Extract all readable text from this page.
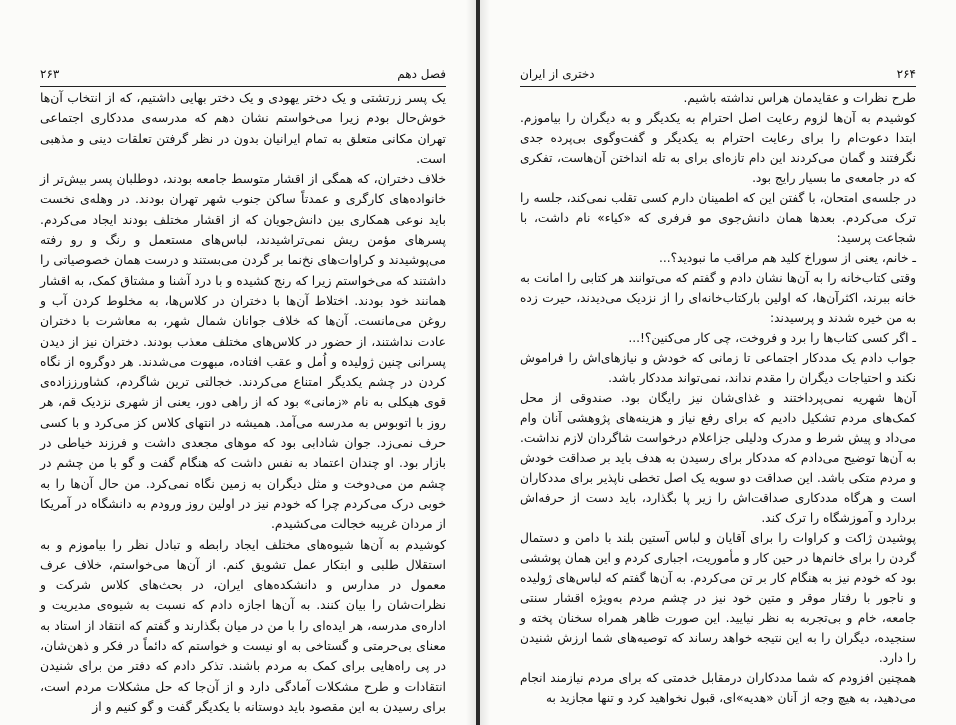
۲۶۳	فصل دهم

یک پسر زرتشتی و یک دختر یهودی و یک دختر بهایی داشتیم، که از انتخاب آن‌ها خوش‌حال بودم زیرا می‌خواستم نشان دهم که مدرسه‌ی مددکاری اجتماعی تهران مکانی متعلق به تمام ایرانیان بدون در نظر گرفتن تعلقات دینی و مذهبی است.

خلاف دختران، که همگی از اقشار متوسط جامعه بودند، دوطلبان پسر بیش‌تر از خانواده‌های کارگری و عمدتاً ساکن جنوب شهر تهران بودند. در وهله‌ی نخست باید نوعی همکاری بین دانش‌جویان که از اقشار مختلف بودند ایجاد می‌کردم. پسرهای مؤمن ریش نمی‌تراشیدند، لباس‌های مستعمل و رنگ و رو رفته می‌پوشیدند و کراوات‌های نخ‌نما بر گردن می‌بستند و درست همان خصوصیاتی را داشتند که می‌خواستم زیرا که رنج کشیده و با درد آشنا و مشتاق کمک، به اقشار همانند خود بودند. اختلاط آن‌ها با دختران در کلاس‌ها، به مخلوط کردن آب و روغن می‌مانست. آن‌ها که خلاف جوانان شمال شهر، به معاشرت با دختران عادت نداشتند، از حضور در کلاس‌های مختلف معذب بودند. دختران نیز از دیدن پسرانی چنین ژولیده و اُمل و عقب افتاده، مبهوت می‌شدند. هر دوگروه از نگاه کردن در چشم یکدیگر امتناع می‌کردند. خجالتی ترین شاگردم، کشاورززاده‌ی قوی هیکلی به نام «زمانی» بود که از راهی دور، یعنی از شهری نزدیک قم، هر روز با اتوبوس به مدرسه می‌آمد. همیشه در انتهای کلاس کز می‌کرد و با کسی حرف نمی‌زد. جوان شادابی بود که موهای مجعدی داشت و فرزند خیاطی در بازار بود. او چندان اعتماد به نفس داشت که هنگام گفت و گو با من چشم در چشم من می‌دوخت و مثل دیگران به زمین نگاه نمی‌کرد. من حال آن‌ها را به خوبی درک می‌کردم چرا که خودم نیز در اولین روز ورودم به دانشگاه در آمریکا از مردان غریبه خجالت می‌کشیدم.

کوشیدم به آن‌ها شیوه‌های مختلف ایجاد رابطه و تبادل نظر را بیاموزم و به استقلال طلبی و ابتکار عمل تشویق کنم. از آن‌ها می‌خواستم، خلاف عرف معمول در مدارس و دانشکده‌های ایران، در بحث‌های کلاس شرکت و نظرات‌شان را بیان کنند. به آن‌ها اجازه دادم که نسبت به شیوه‌ی مدیریت و اداره‌ی مدرسه، هر ایده‌ای را با من در میان بگذارند و گفتم که انتقاد از استاد به معنای بی‌حرمتی و گستاخی به او نیست و خواستم که دائماً در فکر و ذهن‌شان، در پی راه‌هایی برای کمک به مردم باشند. تذکر دادم که دفتر من برای شنیدن انتقادات و طرح مشکلات آمادگی دارد و از آن‌جا که حل مشکلات مردم است، برای رسیدن به این مقصود باید دوستانه با یکدیگر گفت و گو کنیم و از

دختری از ایران	۲۶۴

طرح نظرات و عقایدمان هراس نداشته باشیم.

کوشیدم به آن‌ها لزوم رعایت اصل احترام به یکدیگر و به دیگران را بیاموزم. ابتدا دعوت‌ام را برای رعایت احترام به یکدیگر و گفت‌وگوی بی‌پرده جدی نگرفتند و گمان می‌کردند این دام تازه‌ای برای به تله انداختن آن‌هاست، تفکری که در جامعه‌ی ما بسیار رایج بود.

در جلسه‌ی امتحان، با گفتن این که اطمینان دارم کسی تقلب نمی‌کند، جلسه را ترک می‌کردم. بعدها همان دانش‌جوی مو فرفری که «کیاء» نام داشت، با شجاعت پرسید:

ـ خانم، یعنی از سوراخ کلید هم مراقب ما نبودید؟...

وقتی کتاب‌خانه را به آن‌ها نشان دادم و گفتم که می‌توانند هر کتابی را امانت به خانه ببرند، اکثرآن‌ها، که اولین بارکتاب‌خانه‌ای را از نزدیک می‌دیدند، حیرت زده به من خیره شدند و پرسیدند:

ـ اگر کسی کتاب‌ها را برد و فروخت، چی کار می‌کنین؟!...

جواب دادم یک مددکار اجتماعی تا زمانی که خودش و نیازهای‌اش را فراموش نکند و احتیاجات دیگران را مقدم نداند، نمی‌تواند مددکار باشد.

آن‌ها شهریه نمی‌پرداختند و غذای‌شان نیز رایگان بود. صندوقی از محل کمک‌های مردم تشکیل دادیم که برای رفع نیاز و هزینه‌های پژوهشی آنان وام می‌داد و پیش شرط و مدرک ودلیلی جزاعلام درخواست شاگردان لازم نداشت. به آن‌ها توضیح می‌دادم که مددکار برای رسیدن به هدف باید بر صداقت خودش و مردم متکی باشد. این صداقت دو سویه یک اصل تخطی ناپذیر برای مددکاران است و هرگاه مددکاری صداقت‌اش را زیر پا بگذارد، باید دست از حرفه‌اش بردارد و آموزشگاه را ترک کند.

پوشیدن ژاکت و کراوات را برای آقایان و لباس آستین بلند با دامن و دستمال گردن را برای خانم‌ها در حین کار و مأموریت، اجباری کردم و این همان پوششی بود که خودم نیز به هنگام کار بر تن می‌کردم. به آن‌ها گفتم که لباس‌های ژولیده و ناجور با رفتار موقر و متین خود نیز در چشم مردم به‌ویژه اقشار سنتی جامعه، خام و بی‌تجربه به نظر نیایید. این صورت ظاهر همراه سخنان پخته و سنجیده، دیگران را به این نتیجه خواهد رساند که توصیه‌های شما ارزش شنیدن را دارد.

همچنین افزودم که شما مددکاران درمقابل خدمتی که برای مردم‌ نیازمند انجام می‌دهید، به هیچ وجه از آنان «هدیه»ای، قبول نخواهید کرد و تنها مجازید به
